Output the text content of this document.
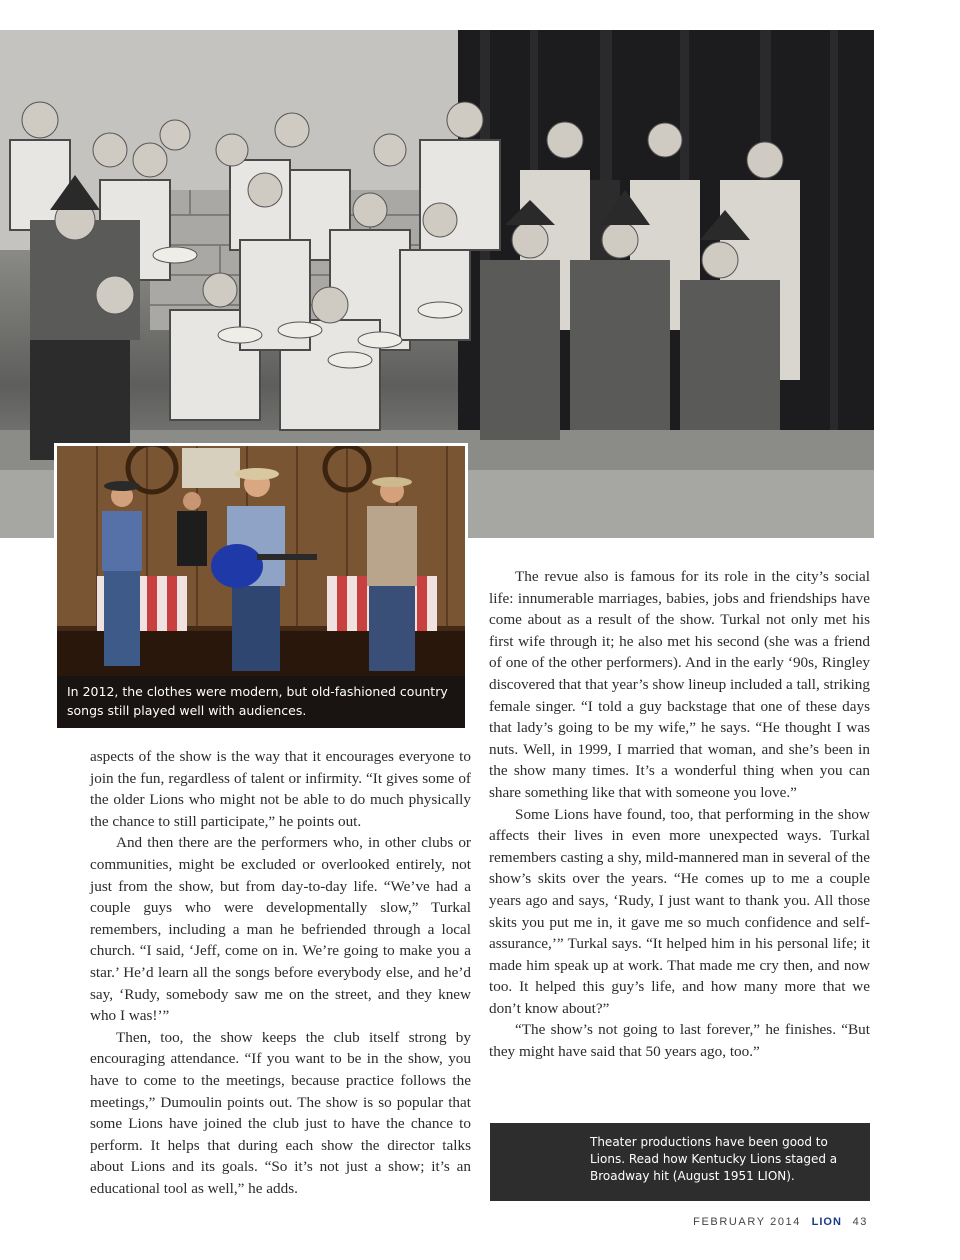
In 2012, the clothes were modern, but old-fashioned country songs still played well with audiences.

aspects of the show is the way that it encourages everyone to join the fun, regardless of talent or infirmity. “It gives some of the older Lions who might not be able to do much physically the chance to still participate,” he points out.

And then there are the performers who, in other clubs or communities, might be excluded or overlooked entirely, not just from the show, but from day-to-day life. “We’ve had a couple guys who were developmentally slow,” Turkal remembers, including a man he befriended through a local church. “I said, ‘Jeff, come on in. We’re going to make you a star.’ He’d learn all the songs before everybody else, and he’d say, ‘Rudy, somebody saw me on the street, and they knew who I was!’”

Then, too, the show keeps the club itself strong by encouraging attendance. “If you want to be in the show, you have to come to the meetings, because practice follows the meetings,” Dumoulin points out. The show is so popular that some Lions have joined the club just to have the chance to perform. It helps that during each show the director talks about Lions and its goals. “So it’s not just a show; it’s an educational tool as well,” he adds.

The revue also is famous for its role in the city’s social life: innumerable marriages, babies, jobs and friendships have come about as a result of the show. Turkal not only met his first wife through it; he also met his second (she was a friend of one of the other performers). And in the early ‘90s, Ringley discovered that that year’s show lineup included a tall, striking female singer. “I told a guy backstage that one of these days that lady’s going to be my wife,” he says. “He thought I was nuts. Well, in 1999, I married that woman, and she’s been in the show many times. It’s a wonderful thing when you can share something like that with someone you love.”

Some Lions have found, too, that performing in the show affects their lives in even more unexpected ways. Turkal remembers casting a shy, mild-mannered man in several of the show’s skits over the years. “He comes up to me a couple years ago and says, ‘Rudy, I just want to thank you. All those skits you put me in, it gave me so much confidence and self-assurance,’” Turkal says. “It helped him in his personal life; it made him speak up at work. That made me cry then, and now too. It helped this guy’s life, and how many more that we don’t know about?”

“The show’s not going to last forever,” he finishes. “But they might have said that 50 years ago, too.”

Theater productions have been good to Lions. Read how Kentucky Lions staged a Broadway hit (August 1951 LION).
FEBRUARY 2014 LION 43
